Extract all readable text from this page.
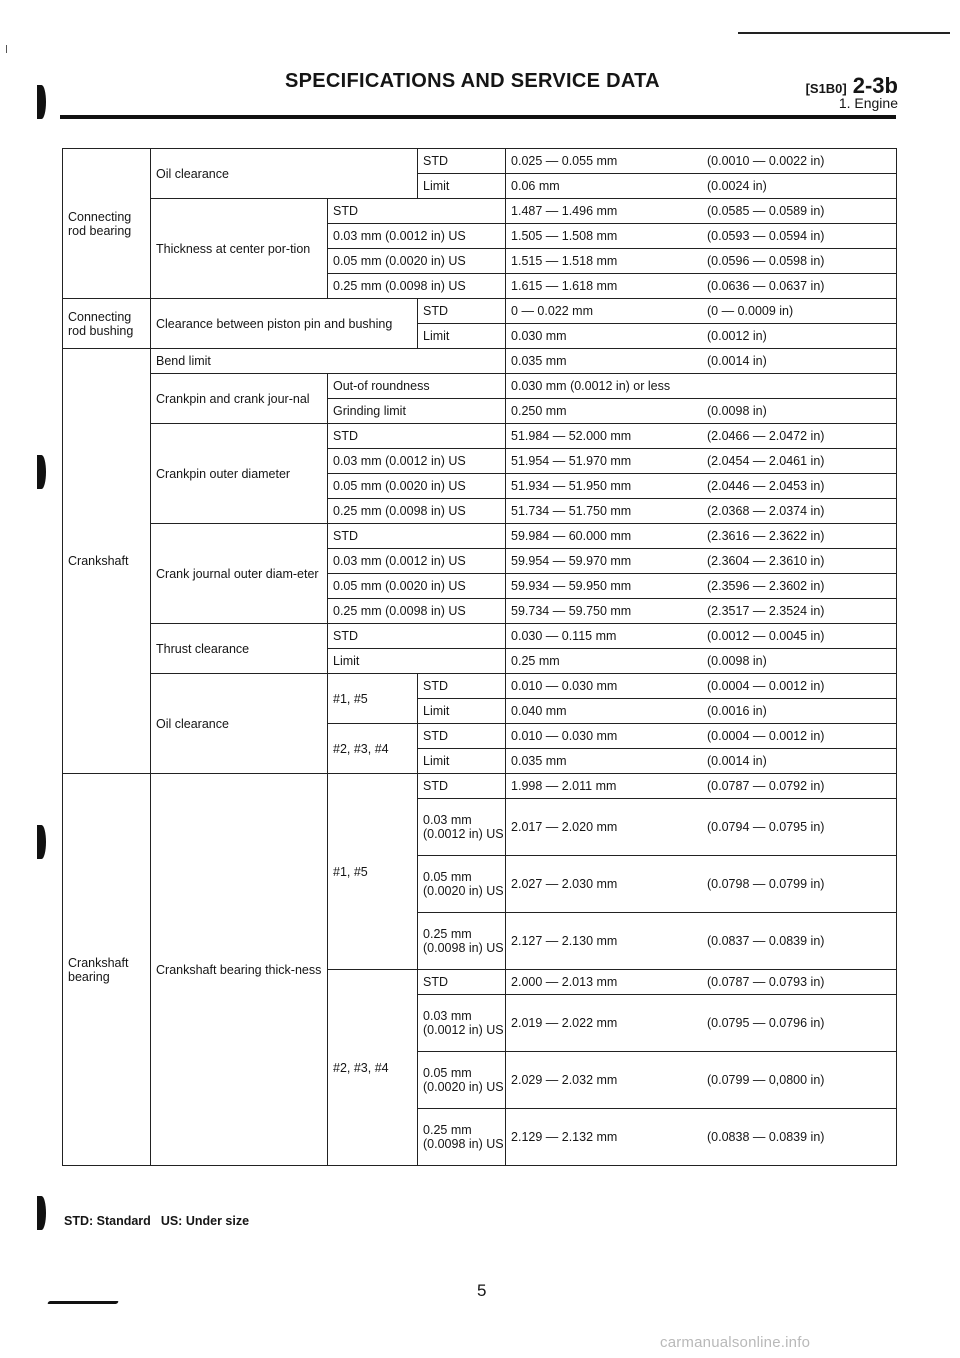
SPECIFICATIONS AND SERVICE DATA	[S1B0] 2-3b
1. Engine
Connecting rod bearing	Oil clearance		STD	0.025 — 0.055 mm (0.0010 — 0.0022 in)
			Limit	0.06 mm (0.0024 in)
	Thickness at center por-tion	STD		1.487 — 1.496 mm (0.0585 — 0.0589 in)
		0.03 mm (0.0012 in) US		1.505 — 1.508 mm (0.0593 — 0.0594 in)
		0.05 mm (0.0020 in) US		1.515 — 1.518 mm (0.0596 — 0.0598 in)
		0.25 mm (0.0098 in) US		1.615 — 1.618 mm (0.0636 — 0.0637 in)
Connecting rod bushing	Clearance between piston pin and bushing		STD	0 — 0.022 mm (0 — 0.0009 in)
			Limit	0.030 mm (0.0012 in)
Crankshaft	Bend limit			0.035 mm (0.0014 in)
	Crankpin and crank jour-nal	Out-of roundness		0.030 mm (0.0012 in) or less
		Grinding limit		0.250 mm (0.0098 in)
	Crankpin outer diameter	STD		51.984 — 52.000 mm (2.0466 — 2.0472 in)
		0.03 mm (0.0012 in) US		51.954 — 51.970 mm (2.0454 — 2.0461 in)
		0.05 mm (0.0020 in) US		51.934 — 51.950 mm (2.0446 — 2.0453 in)
		0.25 mm (0.0098 in) US		51.734 — 51.750 mm (2.0368 — 2.0374 in)
	Crank journal outer diam-eter	STD		59.984 — 60.000 mm (2.3616 — 2.3622 in)
		0.03 mm (0.0012 in) US		59.954 — 59.970 mm (2.3604 — 2.3610 in)
		0.05 mm (0.0020 in) US		59.934 — 59.950 mm (2.3596 — 2.3602 in)
		0.25 mm (0.0098 in) US		59.734 — 59.750 mm (2.3517 — 2.3524 in)
	Thrust clearance	STD		0.030 — 0.115 mm (0.0012 — 0.0045 in)
		Limit		0.25 mm (0.0098 in)
	Oil clearance	#1, #5	STD	0.010 — 0.030 mm (0.0004 — 0.0012 in)
			Limit	0.040 mm (0.0016 in)
		#2, #3, #4	STD	0.010 — 0.030 mm (0.0004 — 0.0012 in)
			Limit	0.035 mm (0.0014 in)
Crankshaft bearing	Crankshaft bearing thick-ness	#1, #5	STD	1.998 — 2.011 mm (0.0787 — 0.0792 in)
			0.03 mm (0.0012 in) US	2.017 — 2.020 mm (0.0794 — 0.0795 in)
			0.05 mm (0.0020 in) US	2.027 — 2.030 mm (0.0798 — 0.0799 in)
			0.25 mm (0.0098 in) US	2.127 — 2.130 mm (0.0837 — 0.0839 in)
		#2, #3, #4	STD	2.000 — 2.013 mm (0.0787 — 0.0793 in)
			0.03 mm (0.0012 in) US	2.019 — 2.022 mm (0.0795 — 0.0796 in)
			0.05 mm (0.0020 in) US	2.029 — 2.032 mm (0.0799 — 0,0800 in)
			0.25 mm (0.0098 in) US	2.129 — 2.132 mm (0.0838 — 0.0839 in)
STD: Standard US: Under size
5
carmanualsonline.info
